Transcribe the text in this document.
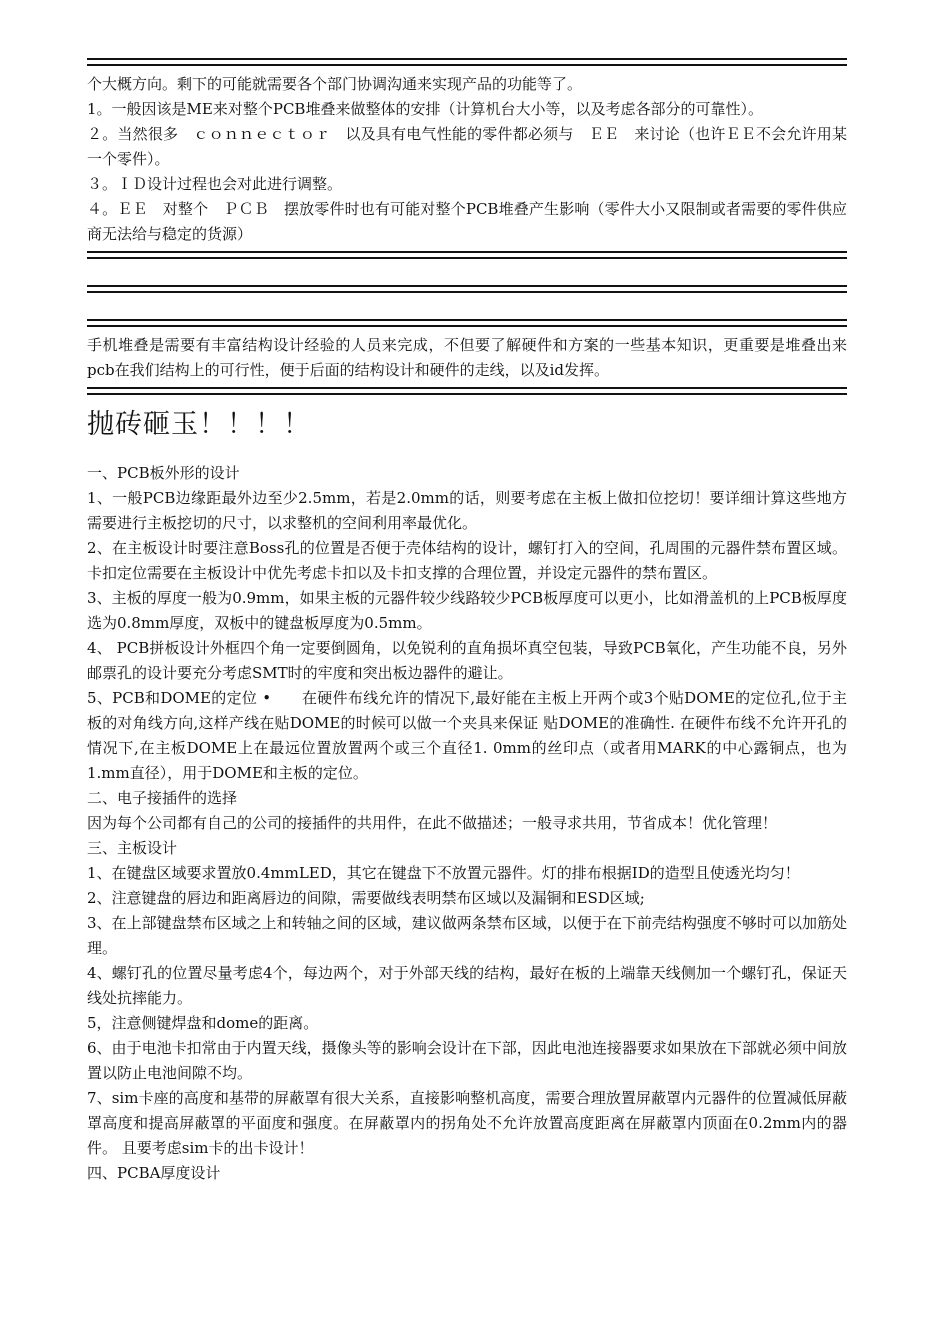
个大概方向。剩下的可能就需要各个部门协调沟通来实现产品的功能等了。

1。一般因该是ME来对整个PCB堆叠来做整体的安排（计算机台大小等，以及考虑各部分的可靠性）。

２。当然很多　ｃｏｎｎｅｃｔｏｒ　以及具有电气性能的零件都必须与　ＥＥ　来讨论（也许ＥＥ不会允许用某一个零件）。

３。ＩＤ设计过程也会对此进行调整。

４。ＥＥ　对整个　ＰＣＢ　摆放零件时也有可能对整个PCB堆叠产生影响（零件大小又限制或者需要的零件供应商无法给与稳定的货源）

手机堆叠是需要有丰富结构设计经验的人员来完成，不但要了解硬件和方案的一些基本知识，更重要是堆叠出来pcb在我们结构上的可行性，便于后面的结构设计和硬件的走线，以及id发挥。

抛砖砸玉！！！！

一、PCB板外形的设计

1、一般PCB边缘距最外边至少2.5mm，若是2.0mm的话，则要考虑在主板上做扣位挖切！要详细计算这些地方需要进行主板挖切的尺寸，以求整机的空间利用率最优化。

2、在主板设计时要注意Boss孔的位置是否便于壳体结构的设计，螺钉打入的空间，孔周围的元器件禁布置区域。卡扣定位需要在主板设计中优先考虑卡扣以及卡扣支撑的合理位置，并设定元器件的禁布置区。

3、主板的厚度一般为0.9mm，如果主板的元器件较少线路较少PCB板厚度可以更小，比如滑盖机的上PCB板厚度选为0.8mm厚度，双板中的键盘板厚度为0.5mm。

4、 PCB拼板设计外框四个角一定要倒圆角，以免锐利的直角损坏真空包装，导致PCB氧化，产生功能不良，另外邮票孔的设计要充分考虑SMT时的牢度和突出板边器件的避让。

5、PCB和DOME的定位 •　　在硬件布线允许的情况下,最好能在主板上开两个或3个贴DOME的定位孔,位于主板的对角线方向,这样产线在贴DOME的时候可以做一个夹具来保证 贴DOME的准确性. 在硬件布线不允许开孔的情况下,在主板DOME上在最远位置放置两个或三个直径1. 0mm的丝印点（或者用MARK的中心露铜点，也为1.mm直径），用于DOME和主板的定位。

二、电子接插件的选择

因为每个公司都有自己的公司的接插件的共用件，在此不做描述；一般寻求共用，节省成本！优化管理！

三、主板设计

1、在键盘区域要求置放0.4mmLED，其它在键盘下不放置元器件。灯的排布根据ID的造型且使透光均匀！

2、注意键盘的唇边和距离唇边的间隙，需要做线表明禁布区域以及漏铜和ESD区域;

3、在上部键盘禁布区域之上和转轴之间的区域，建议做两条禁布区域，以便于在下前壳结构强度不够时可以加筋处理。

4、螺钉孔的位置尽量考虑4个，每边两个，对于外部天线的结构，最好在板的上端靠天线侧加一个螺钉孔，保证天线处抗摔能力。

5，注意侧键焊盘和dome的距离。

6、由于电池卡扣常由于内置天线，摄像头等的影响会设计在下部，因此电池连接器要求如果放在下部就必须中间放置以防止电池间隙不均。

7、sim卡座的高度和基带的屏蔽罩有很大关系，直接影响整机高度，需要合理放置屏蔽罩内元器件的位置减低屏蔽罩高度和提高屏蔽罩的平面度和强度。在屏蔽罩内的拐角处不允许放置高度距离在屏蔽罩内顶面在0.2mm内的器件。 且要考虑sim卡的出卡设计！

四、PCBA厚度设计
